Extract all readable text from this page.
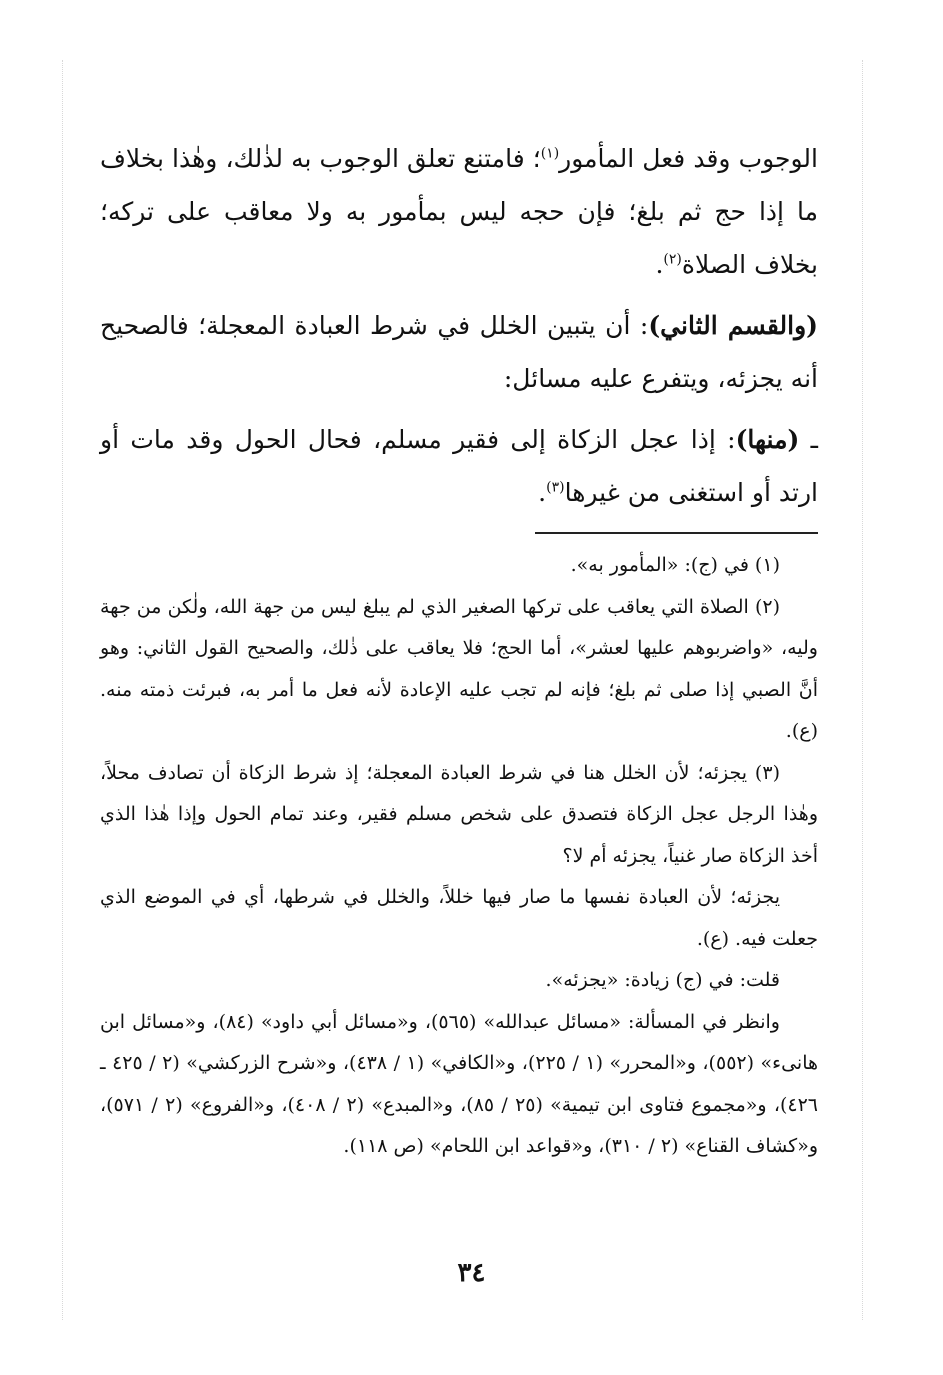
الوجوب وقد فعل المأمور$^{(١)}$؛ فامتنع تعلق الوجوب به لذٰلك، وهٰذا بخلاف ما إذا حج ثم بلغ؛ فإن حجه ليس بمأمور به ولا معاقب على تركه؛ بخلاف الصلاة$^{(٢)}$.

(والقسم الثاني): أن يتبين الخلل في شرط العبادة المعجلة؛ فالصحيح أنه يجزئه، ويتفرع عليه مسائل:

ـ (منها): إذا عجل الزكاة إلى فقير مسلم، فحال الحول وقد مات أو ارتد أو استغنى من غيرها$^{(٣)}$.

(١) في (ج): «المأمور به».

(٢) الصلاة التي يعاقب على تركها الصغير الذي لم يبلغ ليس من جهة الله، ولٰكن من جهة وليه، «واضربوهم عليها لعشر»، أما الحج؛ فلا يعاقب على ذٰلك، والصحيح القول الثاني: وهو أنَّ الصبي إذا صلى ثم بلغ؛ فإنه لم تجب عليه الإعادة لأنه فعل ما أمر به، فبرئت ذمته منه. (ع).

(٣) يجزئه؛ لأن الخلل هنا في شرط العبادة المعجلة؛ إذ شرط الزكاة أن تصادف محلاً، وهٰذا الرجل عجل الزكاة فتصدق على شخص مسلم فقير، وعند تمام الحول وإذا هٰذا الذي أخذ الزكاة صار غنياً، يجزئه أم لا؟

يجزئه؛ لأن العبادة نفسها ما صار فيها خللاً، والخلل في شرطها، أي في الموضع الذي جعلت فيه. (ع).

قلت: في (ج) زيادة: «يجزئه».

وانظر في المسألة: «مسائل عبدالله» (٥٦٥)، و«مسائل أبي داود» (٨٤)، و«مسائل ابن هانىء» (٥٥٢)، و«المحرر» (١ / ٢٢٥)، و«الكافي» (١ / ٤٣٨)، و«شرح الزركشي» (٢ / ٤٢٥ ـ ٤٢٦)، و«مجموع فتاوى ابن تيمية» (٢٥ / ٨٥)، و«المبدع» (٢ / ٤٠٨)، و«الفروع» (٢ / ٥٧١)، و«كشاف القناع» (٢ / ٣١٠)، و«قواعد ابن اللحام» (ص ١١٨).

٣٤
